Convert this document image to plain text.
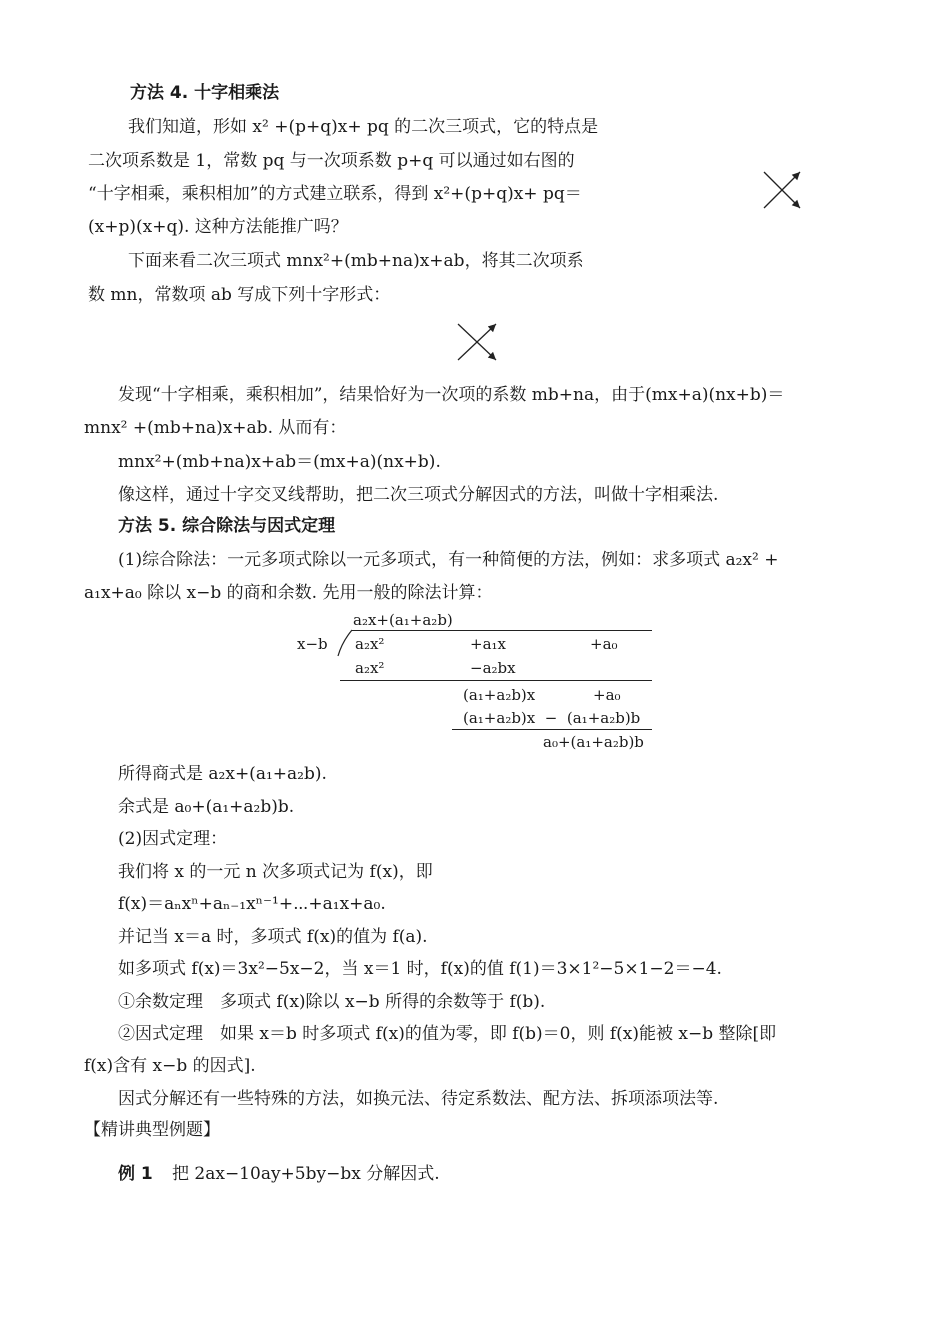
方法 4. 十字相乘法
我们知道，形如 x² +(p+q)x+ pq 的二次三项式，它的特点是
二次项系数是 1，常数 pq 与一次项系数 p+q 可以通过如右图的
“十字相乘，乘积相加”的方式建立联系，得到 x²+(p+q)x+ pq＝
(x+p)(x+q). 这种方法能推广吗？
下面来看二次三项式 mnx²+(mb+na)x+ab，将其二次项系
数 mn，常数项 ab 写成下列十字形式：
发现“十字相乘，乘积相加”，结果恰好为一次项的系数 mb+na，由于(mx+a)(nx+b)＝
mnx² +(mb+na)x+ab. 从而有：
mnx²+(mb+na)x+ab＝(mx+a)(nx+b).
像这样，通过十字交叉线帮助，把二次三项式分解因式的方法，叫做十字相乘法.
方法 5. 综合除法与因式定理
(1)综合除法：一元多项式除以一元多项式，有一种简便的方法，例如：求多项式 a₂x² +
a₁x+a₀ 除以 x−b 的商和余数. 先用一般的除法计算：
a₂x+(a₁+a₂b)
x−b a₂x²	+a₁x	+a₀
a₂x²	−a₂bx
(a₁+a₂b)x	+a₀
(a₁+a₂b)x  −  (a₁+a₂b)b
a₀+(a₁+a₂b)b
所得商式是 a₂x+(a₁+a₂b).
余式是 a₀+(a₁+a₂b)b.
(2)因式定理：
我们将 x 的一元 n 次多项式记为 f(x)，即
f(x)＝aₙxⁿ+aₙ₋₁xⁿ⁻¹+⋯+a₁x+a₀.
并记当 x＝a 时，多项式 f(x)的值为 f(a).
如多项式 f(x)＝3x²−5x−2，当 x＝1 时，f(x)的值 f(1)＝3×1²−5×1−2＝−4.
①余数定理　多项式 f(x)除以 x−b 所得的余数等于 f(b).
②因式定理　如果 x＝b 时多项式 f(x)的值为零，即 f(b)＝0，则 f(x)能被 x−b 整除[即
f(x)含有 x−b 的因式].
因式分解还有一些特殊的方法，如换元法、待定系数法、配方法、拆项添项法等.
【精讲典型例题】
例 1 把 2ax−10ay+5by−bx 分解因式.
